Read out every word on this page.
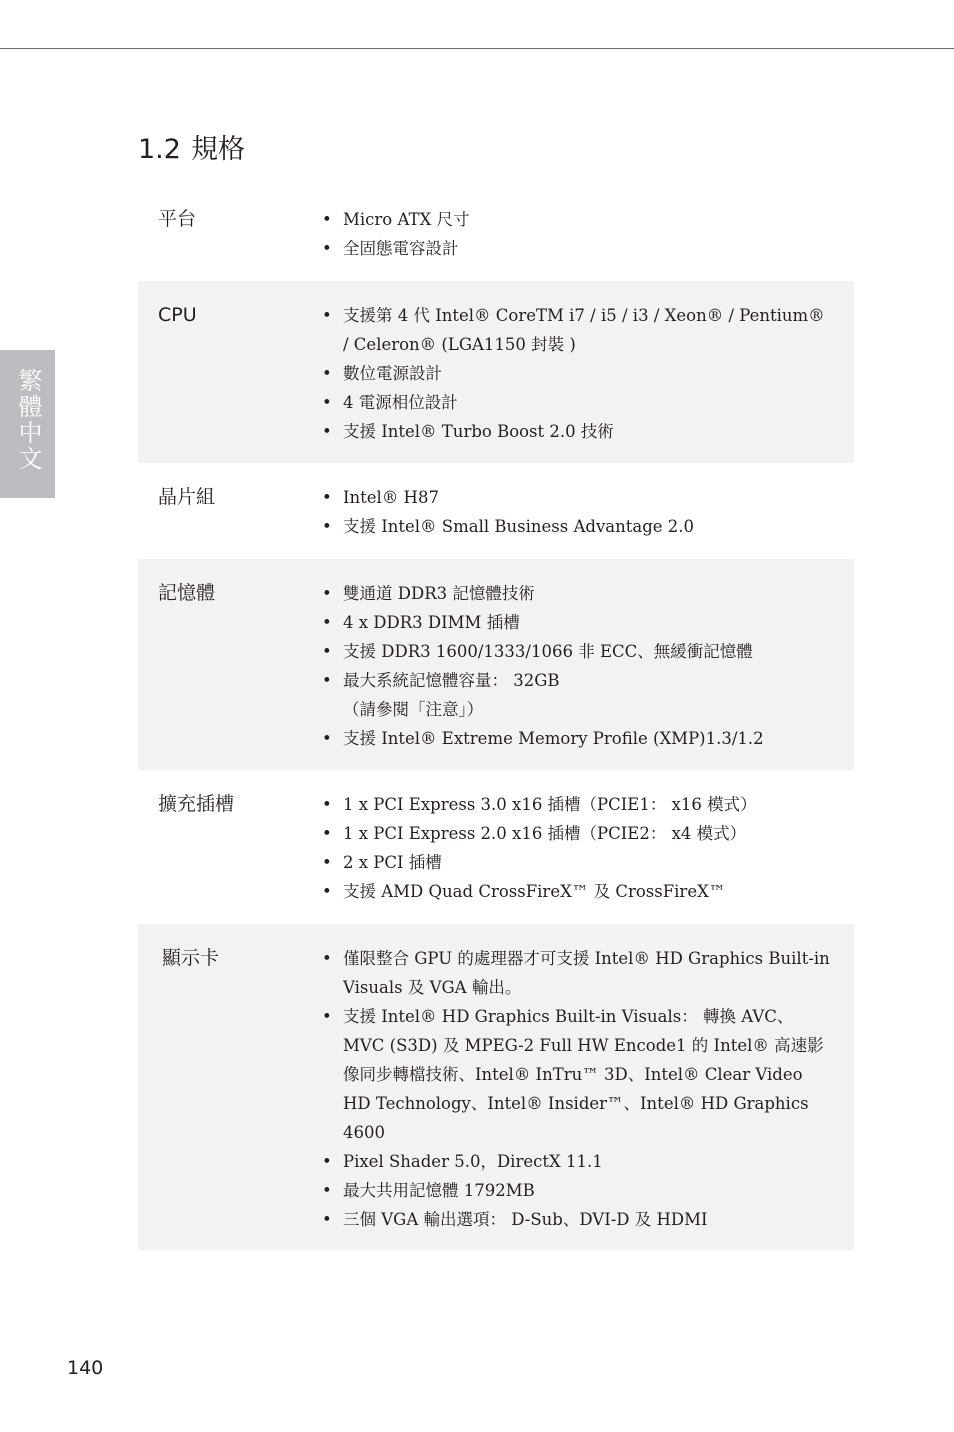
繁體中文
1.2 規格
平台	• Micro ATX 尺寸
• 全固態電容設計
CPU	• 支援第 4 代 Intel® CoreTM i7 / i5 / i3 / Xeon® / Pentium® / Celeron® (LGA1150 封裝 )
• 數位電源設計
• 4 電源相位設計
• 支援 Intel® Turbo Boost 2.0 技術
晶片組	• Intel® H87
• 支援 Intel® Small Business Advantage 2.0
記憶體	• 雙通道 DDR3 記憶體技術
• 4 x DDR3 DIMM 插槽
• 支援 DDR3 1600/1333/1066 非 ECC、無緩衝記憶體
• 最大系統記憶體容量： 32GB
（請參閱「注意」）
• 支援 Intel® Extreme Memory Profile (XMP)1.3/1.2
擴充插槽	• 1 x PCI Express 3.0 x16 插槽（PCIE1： x16 模式）
• 1 x PCI Express 2.0 x16 插槽（PCIE2： x4 模式）
• 2 x PCI 插槽
• 支援 AMD Quad CrossFireX™ 及 CrossFireX™
顯示卡	• 僅限整合 GPU 的處理器才可支援 Intel® HD Graphics Built-in Visuals 及 VGA 輸出。
• 支援 Intel® HD Graphics Built-in Visuals： 轉換 AVC、MVC (S3D) 及 MPEG-2 Full HW Encode1 的 Intel® 高速影像同步轉檔技術、Intel® InTru™ 3D、Intel® Clear Video HD Technology、Intel® Insider™、Intel® HD Graphics 4600
• Pixel Shader 5.0，DirectX 11.1
• 最大共用記憶體 1792MB
• 三個 VGA 輸出選項： D-Sub、DVI-D 及 HDMI
140
